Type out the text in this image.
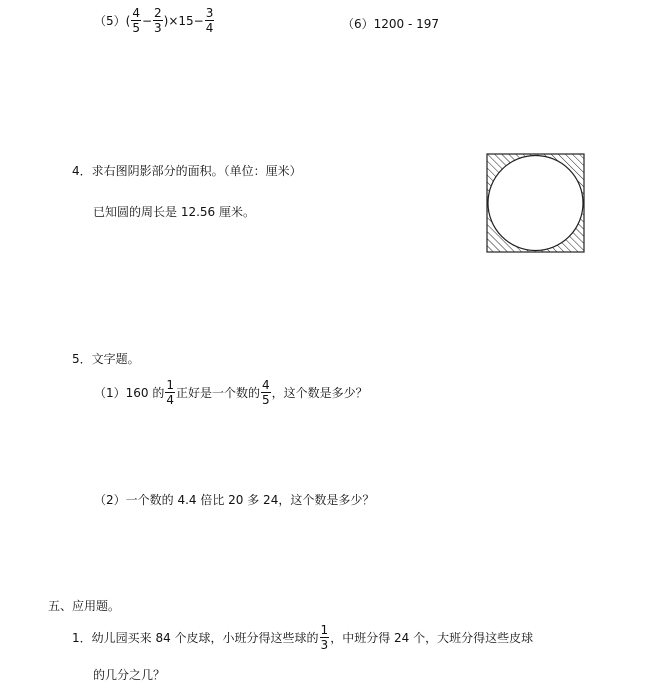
（5） ( $\frac{4}{5} - \frac{2}{3} )\times 15- \frac{3}{4}$	（6）1200 - 197
4．求右图阴影部分的面积。（单位：厘米）
已知圆的周长是 12.56 厘米。
5．文字题。
（1）160 的 $\frac{1}{4}$ 正好是一个数的 $\frac{4}{5}$ ，这个数是多少？
（2）一个数的 4.4 倍比 20 多 24，这个数是多少？
五、应用题。
1．幼儿园买来 84 个皮球，小班分得这些球的 $\frac{1}{3}$ ，中班分得 24 个，大班分得这些皮球
的几分之几？
